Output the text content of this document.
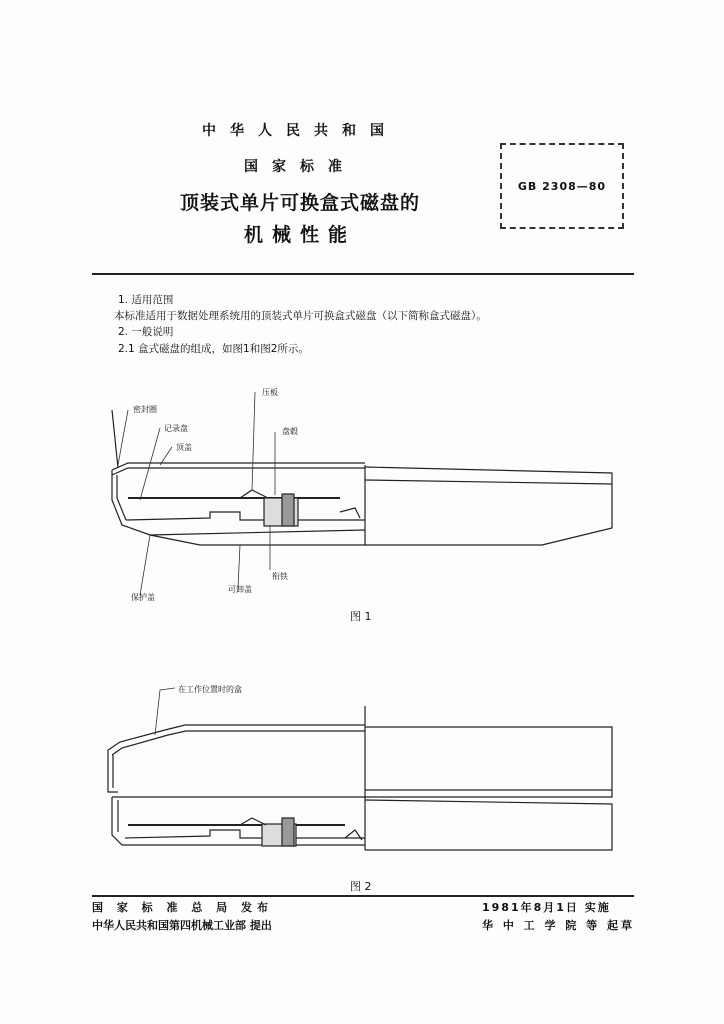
中华人民共和国
国家标准
顶装式单片可换盒式磁盘的
机械性能
GB 2308—80
1. 适用范围
本标准适用于数据处理系统用的顶装式单片可换盒式磁盘（以下简称盒式磁盘）。
2. 一般说明
2.1 盒式磁盘的组成，如图1和图2所示。
密封圈
压板
记录盘	盘毂
顶盖
衔铁
可卸盖
保护盖
图 1
在工作位置时的盒
图 2
国 家 标 准 总 局 发布	1981年8月1日 实施
中华人民共和国第四机械工业部 提出	华 中 工 学 院 等 起草
